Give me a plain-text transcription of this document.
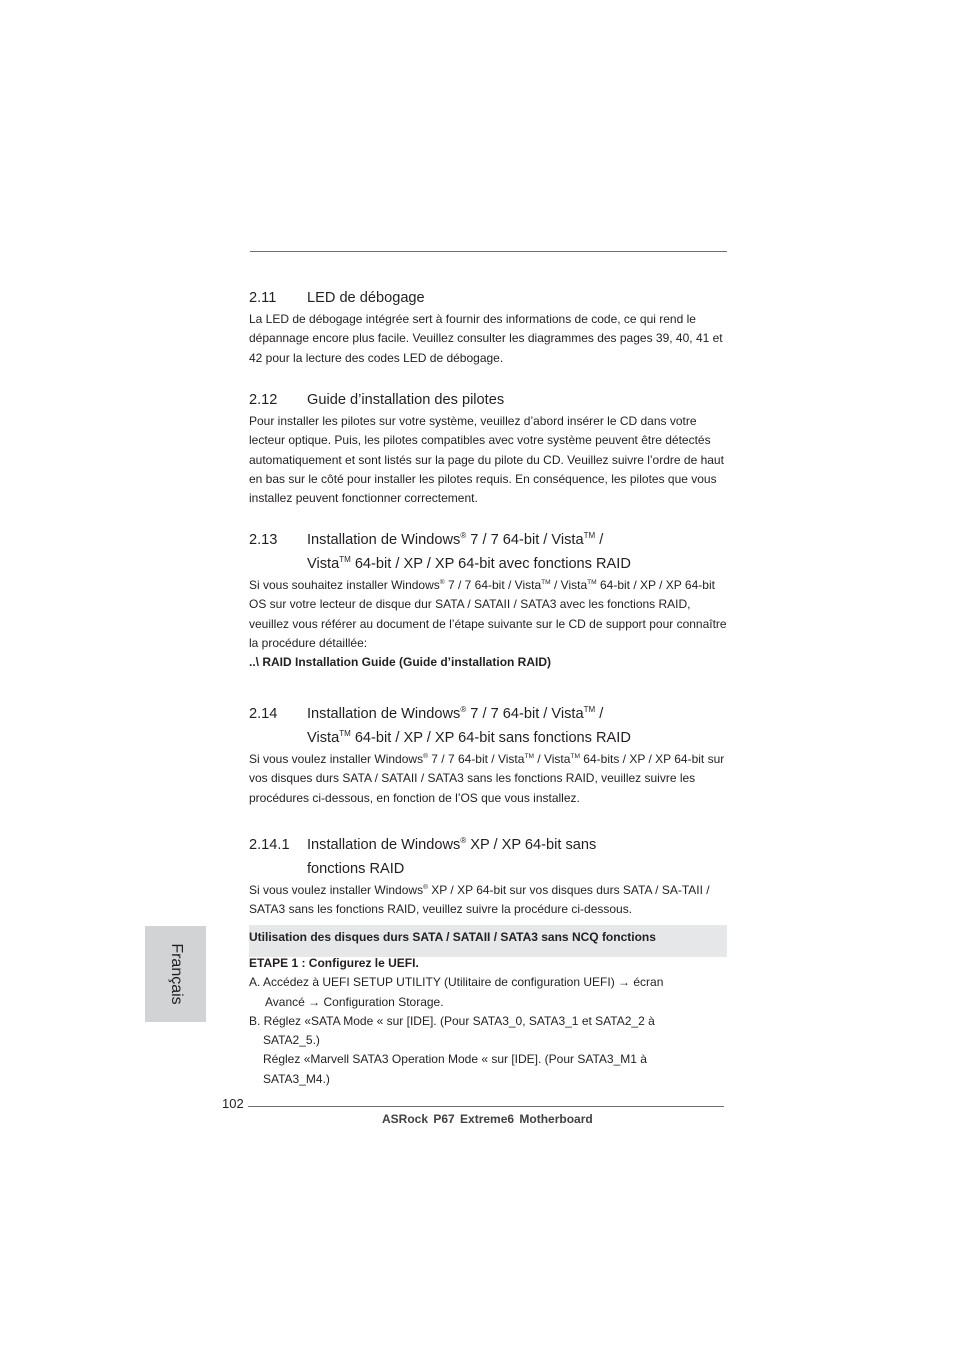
2.11 LED de débogage

La LED de débogage intégrée sert à fournir des informations de code, ce qui rend le dépannage encore plus facile. Veuillez consulter les diagrammes des pages 39, 40, 41 et 42 pour la lecture des codes LED de débogage.

2.12 Guide d’installation des pilotes

Pour installer les pilotes sur votre système, veuillez d’abord insérer le CD dans votre lecteur optique. Puis, les pilotes compatibles avec votre système peuvent être détectés automatiquement et sont listés sur la page du pilote du CD. Veuillez suivre l’ordre de haut en bas sur le côté pour installer les pilotes requis. En conséquence, les pilotes que vous installez peuvent fonctionner correctement.

2.13 Installation de Windows® 7 / 7 64-bit / Vista™ /
Vista™ 64-bit / XP / XP 64-bit avec fonctions RAID

Si vous souhaitez installer Windows® 7 / 7 64-bit / Vista™ / Vista™ 64-bit / XP / XP 64-bit OS sur votre lecteur de disque dur SATA / SATAII / SATA3 avec les fonctions RAID, veuillez vous référer au document de l’étape suivante sur le CD de support pour connaître la procédure détaillée:

..\ RAID Installation Guide (Guide d’installation RAID)

2.14 Installation de Windows® 7 / 7 64-bit / Vista™ /
Vista™ 64-bit / XP / XP 64-bit sans fonctions RAID

Si vous voulez installer Windows® 7 / 7 64-bit / Vista™ / Vista™ 64-bits / XP / XP 64-bit sur vos disques durs SATA / SATAII / SATA3 sans les fonctions RAID, veuillez suivre les procédures ci-dessous, en fonction de l’OS que vous installez.

2.14.1 Installation de Windows® XP / XP 64-bit sans
fonctions RAID

Si vous voulez installer Windows® XP / XP 64-bit sur vos disques durs SATA / SA-TAII / SATA3 sans les fonctions RAID, veuillez suivre la procédure ci-dessous.

Utilisation des disques durs SATA / SATAII / SATA3 sans NCQ fonctions

ETAPE 1 : Configurez le UEFI.

A. Accédez à UEFI SETUP UTILITY (Utilitaire de configuration UEFI) → écran

Avancé → Configuration Storage.

B. Réglez «SATA Mode « sur [IDE]. (Pour SATA3_0, SATA3_1 et SATA2_2 à

SATA2_5.)

Réglez «Marvell SATA3 Operation Mode « sur [IDE]. (Pour SATA3_M1 à

SATA3_M4.)

Français
102
ASRock P67 Extreme6 Motherboard
